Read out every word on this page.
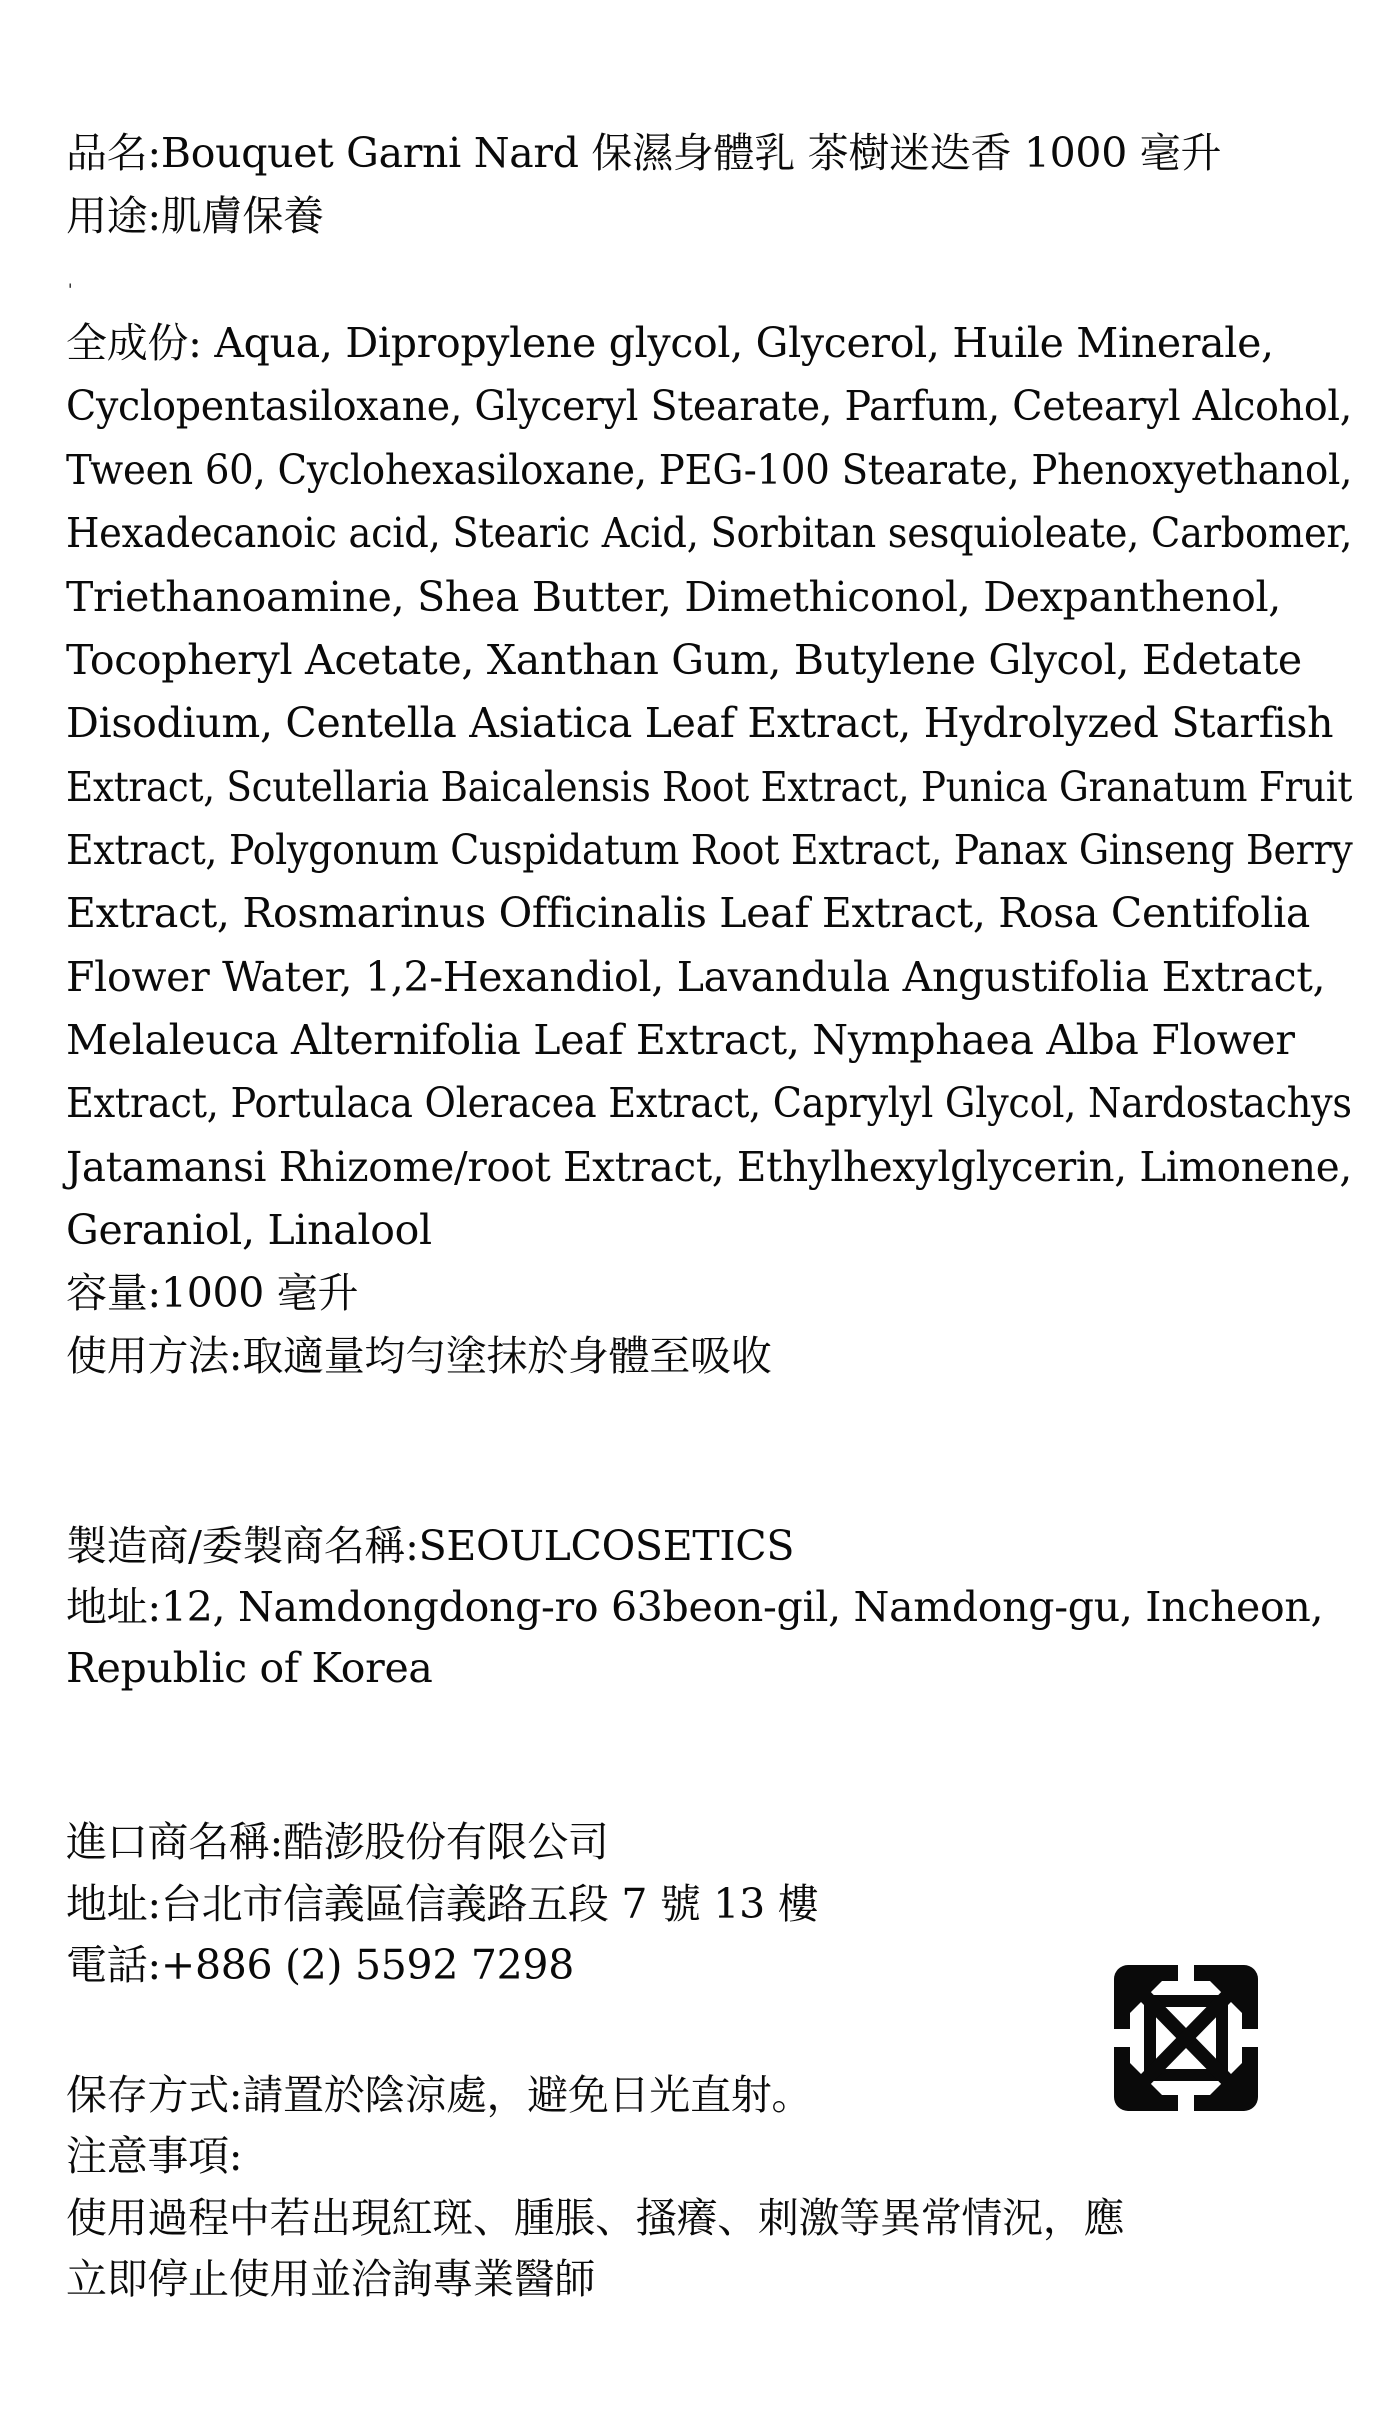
品名:Bouquet Garni Nard 保濕身體乳 茶樹迷迭香 1000 毫升
用途:肌膚保養
'
全成份: Aqua, Dipropylene glycol, Glycerol, Huile Minerale,
Cyclopentasiloxane, Glyceryl Stearate, Parfum, Cetearyl Alcohol,
Tween 60, Cyclohexasiloxane, PEG-100 Stearate, Phenoxyethanol,
Hexadecanoic acid, Stearic Acid, Sorbitan sesquioleate, Carbomer,
Triethanoamine, Shea Butter, Dimethiconol, Dexpanthenol,
Tocopheryl Acetate, Xanthan Gum, Butylene Glycol, Edetate
Disodium, Centella Asiatica Leaf Extract, Hydrolyzed Starfish
Extract, Scutellaria Baicalensis Root Extract, Punica Granatum Fruit
Extract, Polygonum Cuspidatum Root Extract, Panax Ginseng Berry
Extract, Rosmarinus Officinalis Leaf Extract, Rosa Centifolia
Flower Water, 1,2-Hexandiol, Lavandula Angustifolia Extract,
Melaleuca Alternifolia Leaf Extract, Nymphaea Alba Flower
Extract, Portulaca Oleracea Extract, Caprylyl Glycol, Nardostachys
Jatamansi Rhizome/root Extract, Ethylhexylglycerin, Limonene,
Geraniol, Linalool
容量:1000 毫升
使用方法:取適量均勻塗抹於身體至吸收
製造商/委製商名稱:SEOULCOSETICS
地址:12, Namdongdong-ro 63beon-gil, Namdong-gu, Incheon,
Republic of Korea
進口商名稱:酷澎股份有限公司
地址:台北市信義區信義路五段 7 號 13 樓
電話:+886 (2) 5592 7298
保存方式:請置於陰涼處，避免日光直射。
注意事項:
使用過程中若出現紅斑、腫脹、搔癢、刺激等異常情況，應
立即停止使用並洽詢專業醫師
